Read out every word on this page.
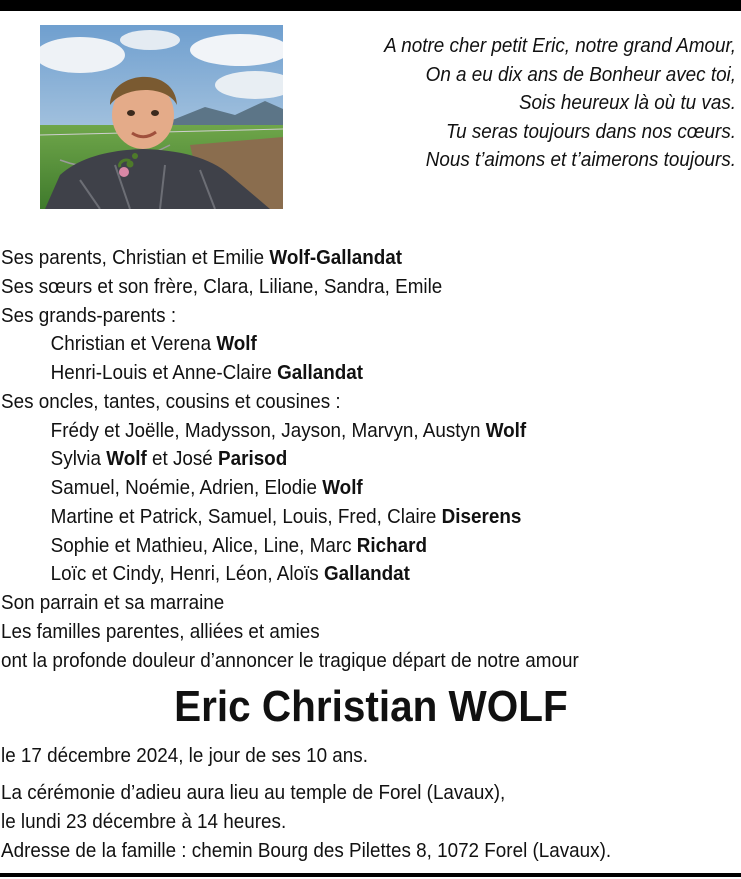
A notre cher petit Eric, notre grand Amour,
On a eu dix ans de Bonheur avec toi,
Sois heureux là où tu vas.
Tu seras toujours dans nos cœurs.
Nous t’aimons et t’aimerons toujours.
Ses parents, Christian et Emilie Wolf-Gallandat
Ses sœurs et son frère, Clara, Liliane, Sandra, Emile
Ses grands-parents :
Christian et Verena Wolf
Henri-Louis et Anne-Claire Gallandat
Ses oncles, tantes, cousins et cousines :
Frédy et Joëlle, Madysson, Jayson, Marvyn, Austyn Wolf
Sylvia Wolf et José Parisod
Samuel, Noémie, Adrien, Elodie Wolf
Martine et Patrick, Samuel, Louis, Fred, Claire Diserens
Sophie et Mathieu, Alice, Line, Marc Richard
Loïc et Cindy, Henri, Léon, Aloïs Gallandat
Son parrain et sa marraine
Les familles parentes, alliées et amies
ont la profonde douleur d’annoncer le tragique départ de notre amour
Eric Christian WOLF
le 17 décembre 2024, le jour de ses 10 ans.
La cérémonie d’adieu aura lieu au temple de Forel (Lavaux),
le lundi 23 décembre à 14 heures.
Adresse de la famille : chemin Bourg des Pilettes 8, 1072 Forel (Lavaux).
